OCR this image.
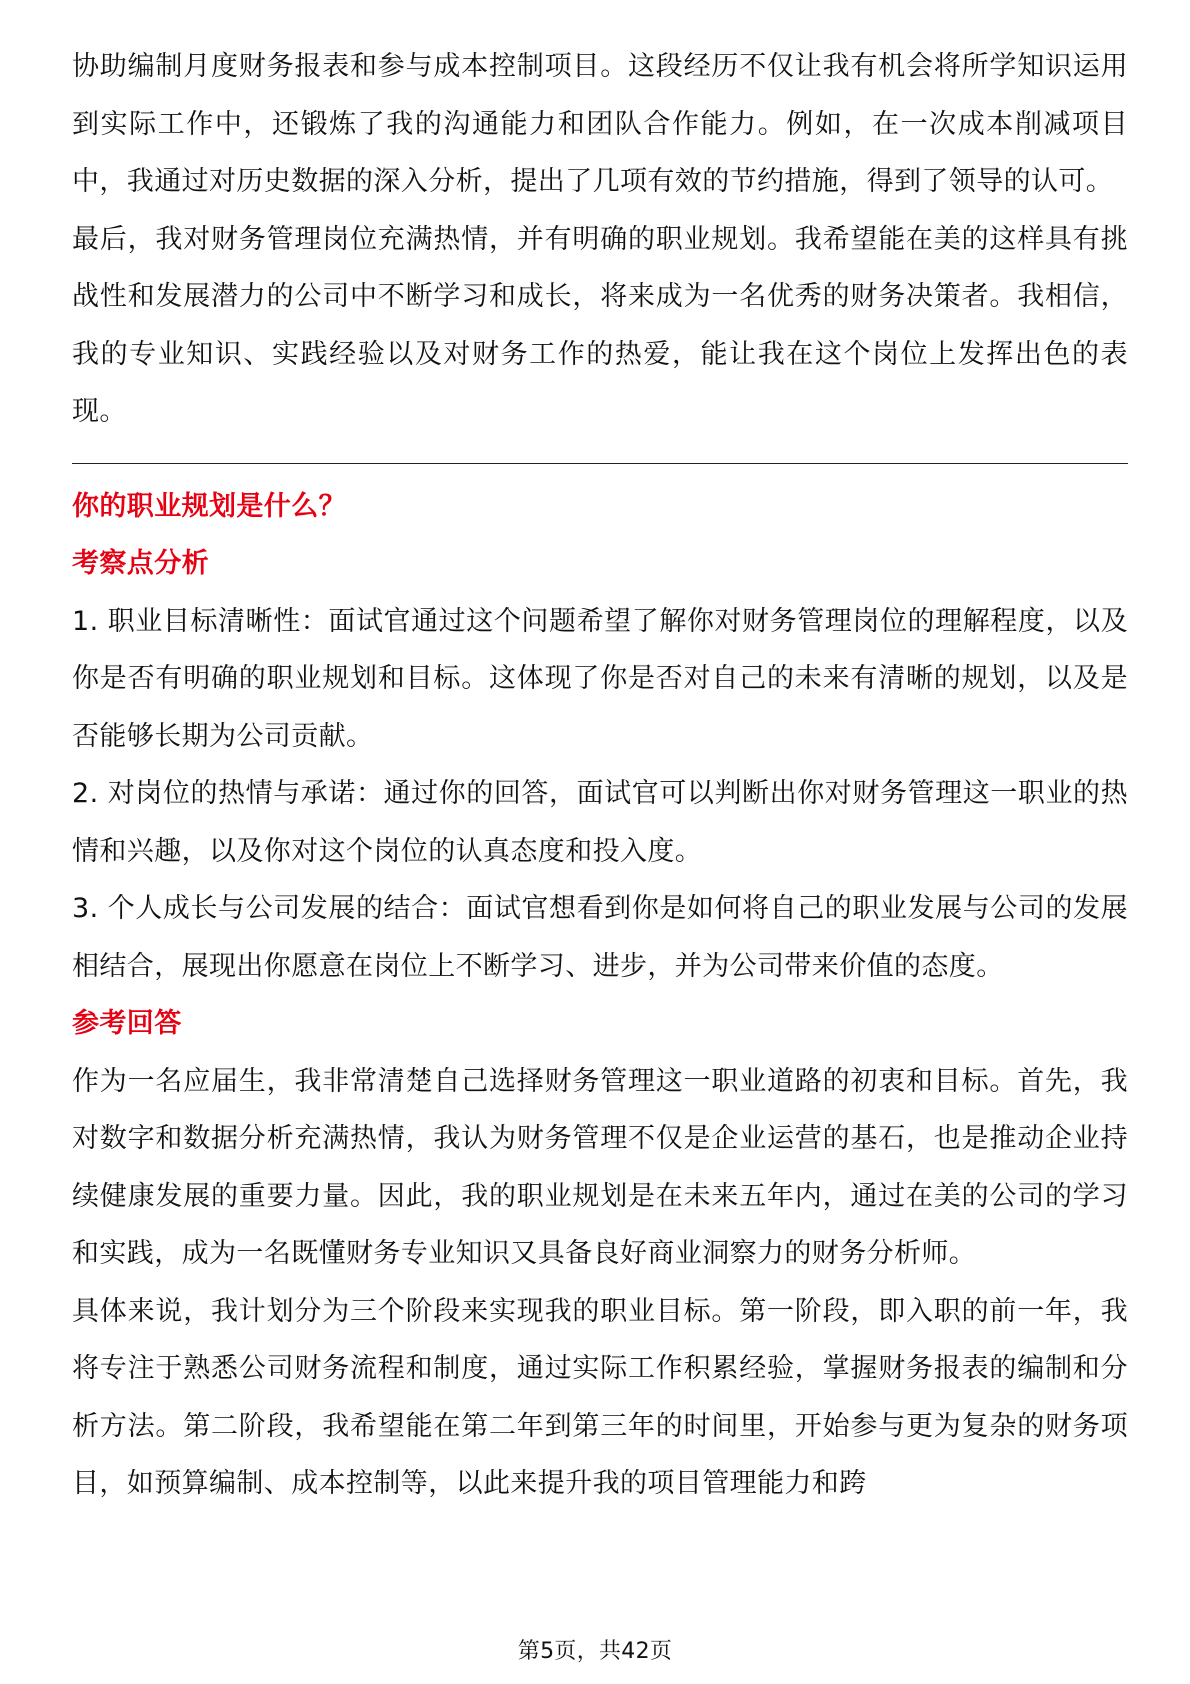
协助编制月度财务报表和参与成本控制项目。这段经历不仅让我有机会将所学知识运用到实际工作中，还锻炼了我的沟通能力和团队合作能力。例如，在一次成本削减项目中，我通过对历史数据的深入分析，提出了几项有效的节约措施，得到了领导的认可。

最后，我对财务管理岗位充满热情，并有明确的职业规划。我希望能在美的这样具有挑战性和发展潜力的公司中不断学习和成长，将来成为一名优秀的财务决策者。我相信，我的专业知识、实践经验以及对财务工作的热爱，能让我在这个岗位上发挥出色的表现。

你的职业规划是什么？
考察点分析

1. 职业目标清晰性：面试官通过这个问题希望了解你对财务管理岗位的理解程度，以及你是否有明确的职业规划和目标。这体现了你是否对自己的未来有清晰的规划，以及是否能够长期为公司贡献。

2. 对岗位的热情与承诺：通过你的回答，面试官可以判断出你对财务管理这一职业的热情和兴趣，以及你对这个岗位的认真态度和投入度。

3. 个人成长与公司发展的结合：面试官想看到你是如何将自己的职业发展与公司的发展相结合，展现出你愿意在岗位上不断学习、进步，并为公司带来价值的态度。

参考回答

作为一名应届生，我非常清楚自己选择财务管理这一职业道路的初衷和目标。首先，我对数字和数据分析充满热情，我认为财务管理不仅是企业运营的基石，也是推动企业持续健康发展的重要力量。因此，我的职业规划是在未来五年内，通过在美的公司的学习和实践，成为一名既懂财务专业知识又具备良好商业洞察力的财务分析师。

具体来说，我计划分为三个阶段来实现我的职业目标。第一阶段，即入职的前一年，我将专注于熟悉公司财务流程和制度，通过实际工作积累经验，掌握财务报表的编制和分析方法。第二阶段，我希望能在第二年到第三年的时间里，开始参与更为复杂的财务项目，如预算编制、成本控制等，以此来提升我的项目管理能力和跨

第5页，共42页
